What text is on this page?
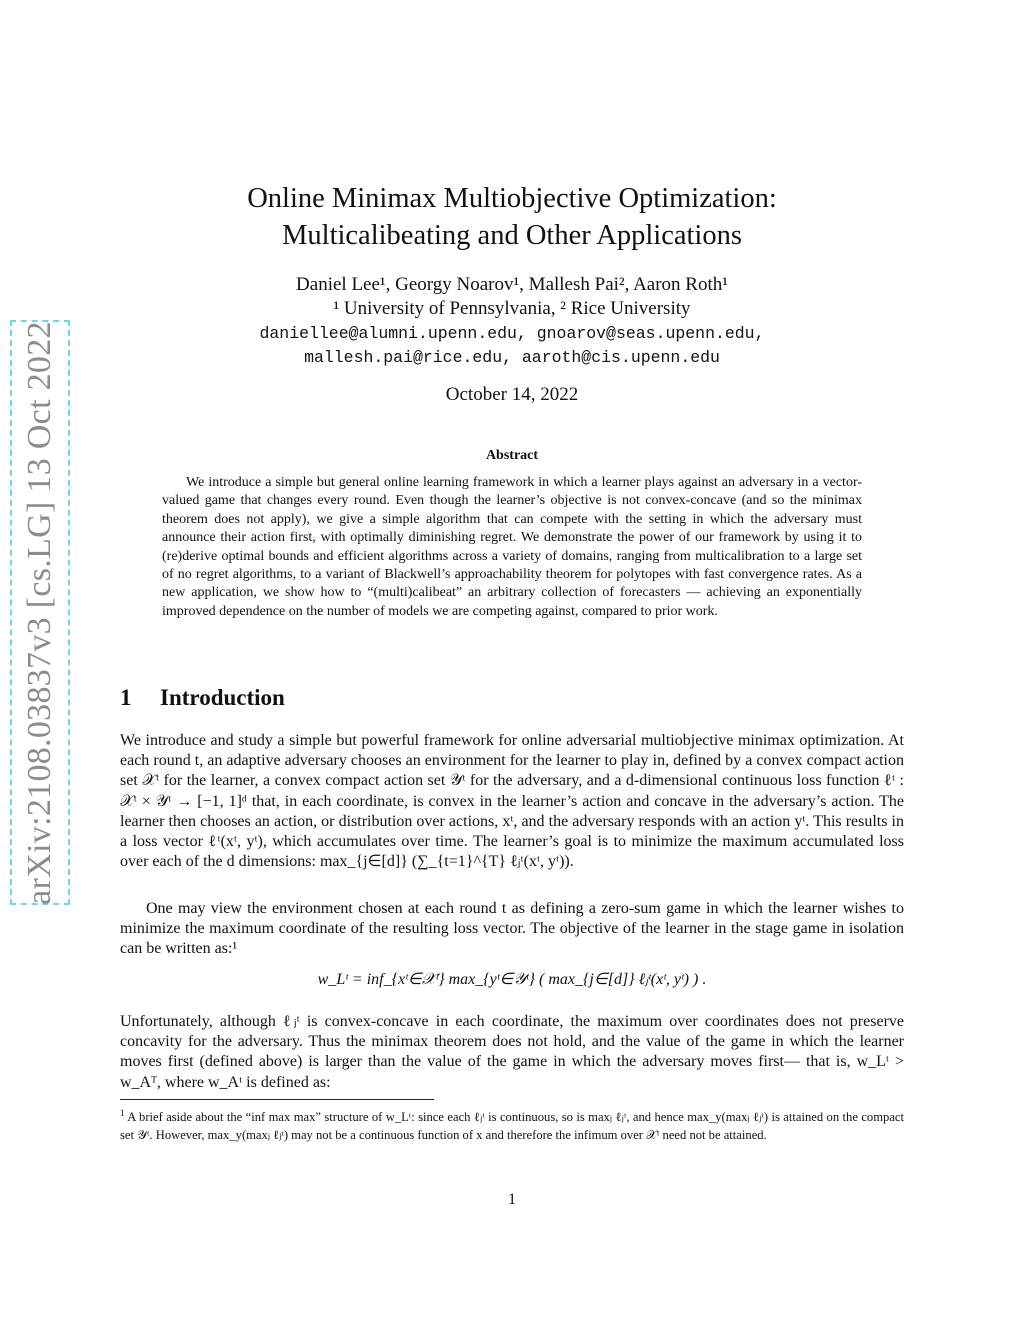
arXiv:2108.03837v3 [cs.LG] 13 Oct 2022
Online Minimax Multiobjective Optimization:
Multicalibeating and Other Applications
Daniel Lee¹, Georgy Noarov¹, Mallesh Pai², Aaron Roth¹
¹ University of Pennsylvania, ² Rice University
daniellee@alumni.upenn.edu, gnoarov@seas.upenn.edu,
mallesh.pai@rice.edu, aaroth@cis.upenn.edu
October 14, 2022
Abstract
We introduce a simple but general online learning framework in which a learner plays against an adversary in a vector-valued game that changes every round. Even though the learner’s objective is not convex-concave (and so the minimax theorem does not apply), we give a simple algorithm that can compete with the setting in which the adversary must announce their action first, with optimally diminishing regret. We demonstrate the power of our framework by using it to (re)derive optimal bounds and efficient algorithms across a variety of domains, ranging from multicalibration to a large set of no regret algorithms, to a variant of Blackwell’s approachability theorem for polytopes with fast convergence rates. As a new application, we show how to “(multi)calibeat” an arbitrary collection of forecasters — achieving an exponentially improved dependence on the number of models we are competing against, compared to prior work.
1 Introduction
We introduce and study a simple but powerful framework for online adversarial multiobjective minimax optimization. At each round t, an adaptive adversary chooses an environment for the learner to play in, defined by a convex compact action set 𝒳ᵗ for the learner, a convex compact action set 𝒴ᵗ for the adversary, and a d-dimensional continuous loss function ℓᵗ : 𝒳ᵗ × 𝒴ᵗ → [−1, 1]ᵈ that, in each coordinate, is convex in the learner’s action and concave in the adversary’s action. The learner then chooses an action, or distribution over actions, xᵗ, and the adversary responds with an action yᵗ. This results in a loss vector ℓᵗ(xᵗ, yᵗ), which accumulates over time. The learner’s goal is to minimize the maximum accumulated loss over each of the d dimensions: max_{j∈[d]} (∑_{t=1}^{T} ℓⱼᵗ(xᵗ, yᵗ)).
One may view the environment chosen at each round t as defining a zero-sum game in which the learner wishes to minimize the maximum coordinate of the resulting loss vector. The objective of the learner in the stage game in isolation can be written as:¹
w_Lᵗ = inf_{xᵗ∈𝒳ᵗ} max_{yᵗ∈𝒴ᵗ} ( max_{j∈[d]} ℓⱼᵗ(xᵗ, yᵗ) ) .
Unfortunately, although ℓⱼᵗ is convex-concave in each coordinate, the maximum over coordinates does not preserve concavity for the adversary. Thus the minimax theorem does not hold, and the value of the game in which the learner moves first (defined above) is larger than the value of the game in which the adversary moves first— that is, w_Lᵗ > w_Aᵀ, where w_Aᵗ is defined as:
$^1$ A brief aside about the “inf max max” structure of w_Lᵗ: since each ℓⱼᵗ is continuous, so is maxⱼ ℓⱼᵗ, and hence max_y(maxⱼ ℓⱼᵗ) is attained on the compact set 𝒴ᵗ. However, max_y(maxⱼ ℓⱼᵗ) may not be a continuous function of x and therefore the infimum over 𝒳ᵗ need not be attained.
1
